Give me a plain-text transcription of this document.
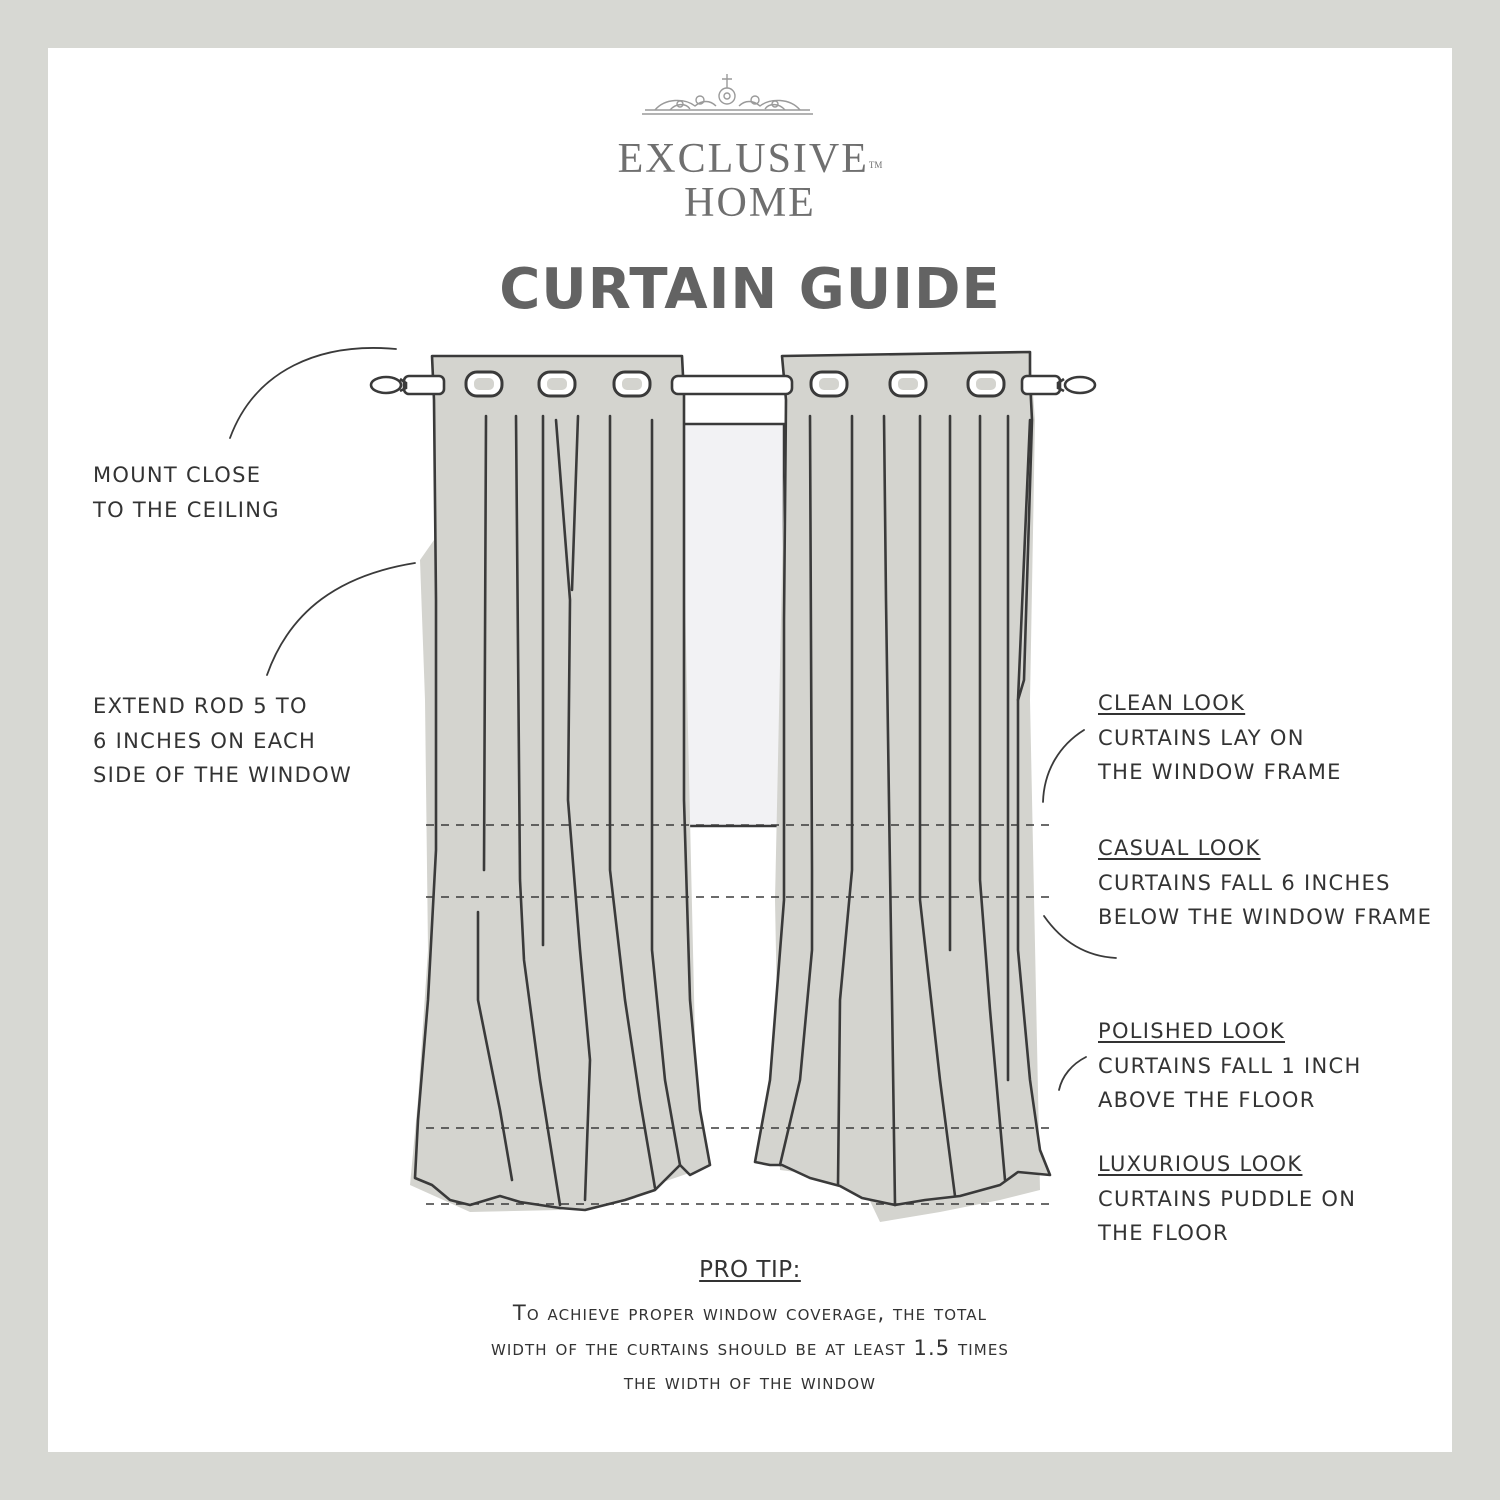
EXCLUSIVE™
HOME
CURTAIN GUIDE
MOUNT CLOSE
TO THE CEILING
EXTEND ROD 5 TO
6 INCHES ON EACH
SIDE OF THE WINDOW
CLEAN LOOK
CURTAINS LAY ON
THE WINDOW FRAME
CASUAL LOOK
CURTAINS FALL 6 INCHES
BELOW THE WINDOW FRAME
POLISHED LOOK
CURTAINS FALL 1 INCH
ABOVE THE FLOOR
LUXURIOUS LOOK
CURTAINS PUDDLE ON
THE FLOOR
PRO TIP:
To achieve proper window coverage, the total
width of the curtains should be at least 1.5 times
the width of the window
